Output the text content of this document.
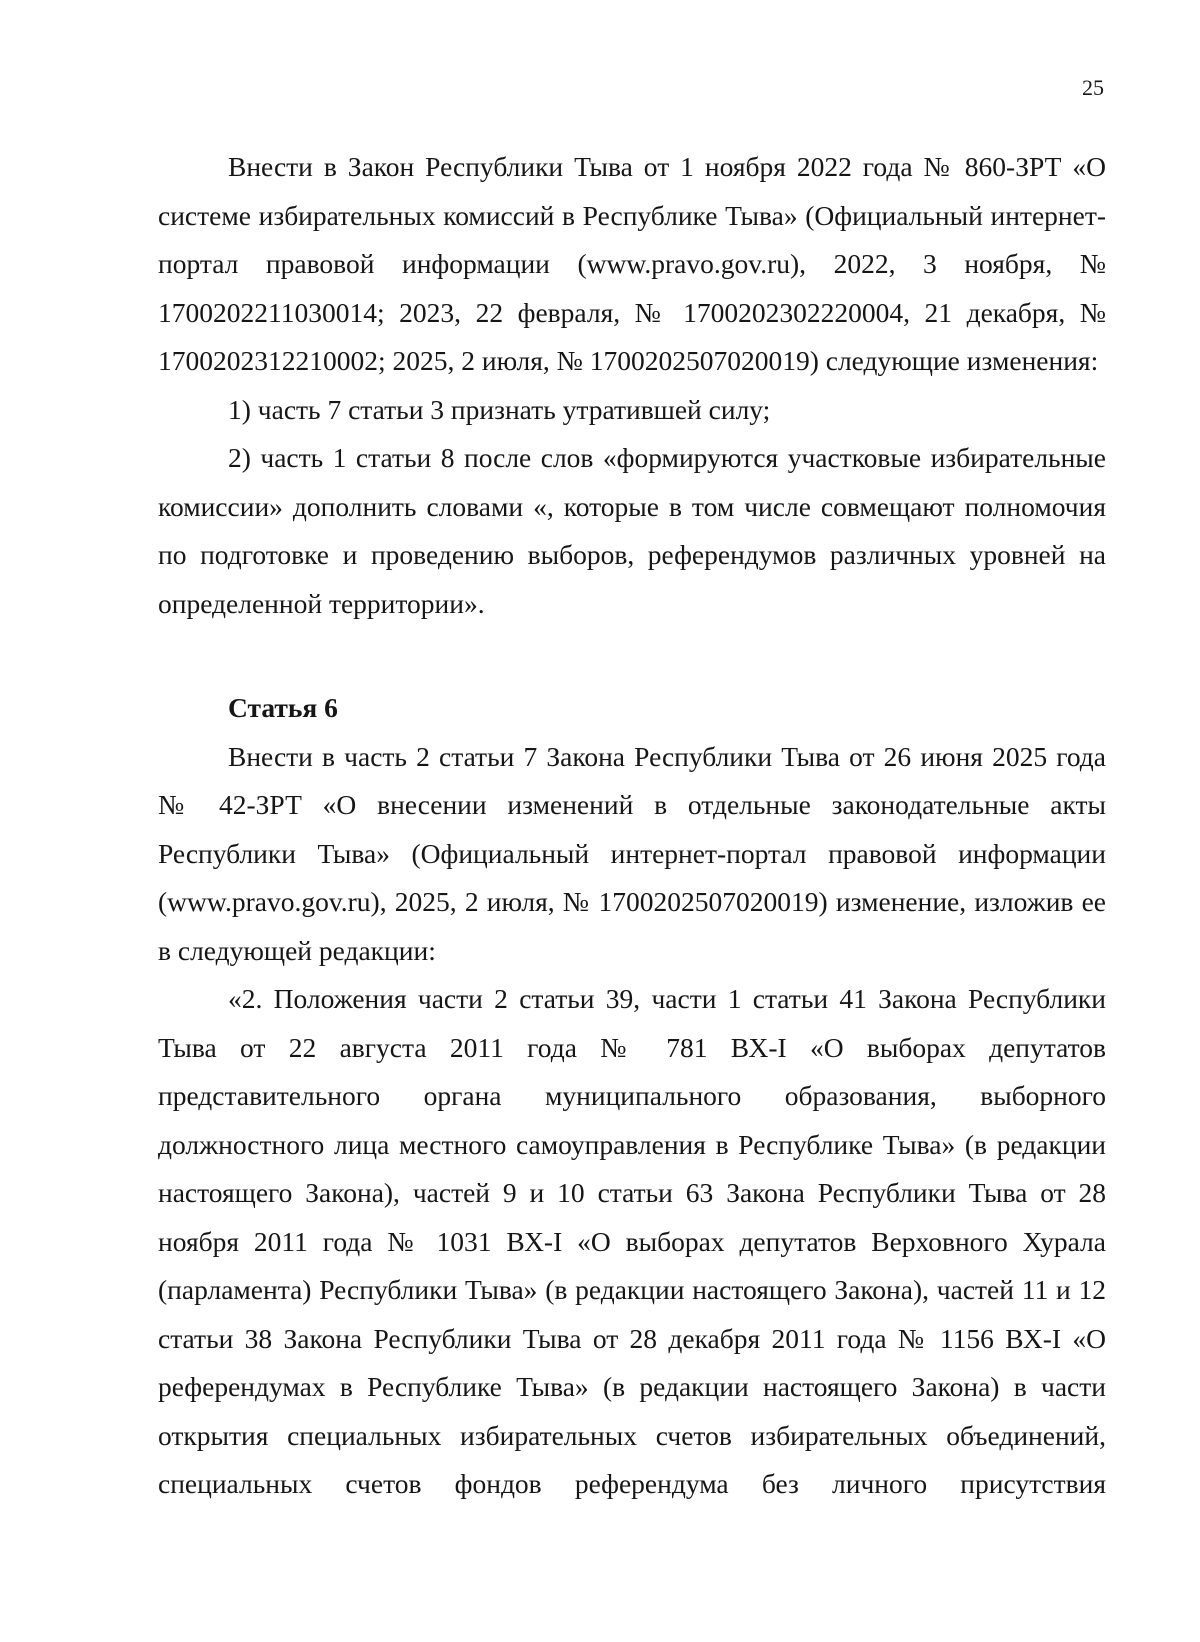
25

Внести в Закон Республики Тыва от 1 ноября 2022 года № 860-ЗРТ «О системе избирательных комиссий в Республике Тыва» (Официальный интернет-портал правовой информации (www.pravo.gov.ru), 2022, 3 ноября, № 1700202211030014; 2023, 22 февраля, № 1700202302220004, 21 декабря, № 1700202312210002; 2025, 2 июля, № 1700202507020019) следующие изменения:

1) часть 7 статьи 3 признать утратившей силу;

2) часть 1 статьи 8 после слов «формируются участковые избирательные комиссии» дополнить словами «, которые в том числе совмещают полномочия по подготовке и проведению выборов, референдумов различных уровней на определенной территории».

Статья 6

Внести в часть 2 статьи 7 Закона Республики Тыва от 26 июня 2025 года № 42-ЗРТ «О внесении изменений в отдельные законодательные акты Республики Тыва» (Официальный интернет-портал правовой информации (www.pravo.gov.ru), 2025, 2 июля, № 1700202507020019) изменение, изложив ее в следующей редакции:

«2. Положения части 2 статьи 39, части 1 статьи 41 Закона Республики Тыва от 22 августа 2011 года № 781 ВХ-I «О выборах депутатов представительного органа муниципального образования, выборного должностного лица местного самоуправления в Республике Тыва» (в редакции настоящего Закона), частей 9 и 10 статьи 63 Закона Республики Тыва от 28 ноября 2011 года № 1031 ВХ-I «О выборах депутатов Верховного Хурала (парламента) Республики Тыва» (в редакции настоящего Закона), частей 11 и 12 статьи 38 Закона Республики Тыва от 28 декабря 2011 года № 1156 ВХ-I «О референдумах в Республике Тыва» (в редакции настоящего Закона) в части открытия специальных избирательных счетов избирательных объединений, специальных счетов фондов референдума без личного присутствия
